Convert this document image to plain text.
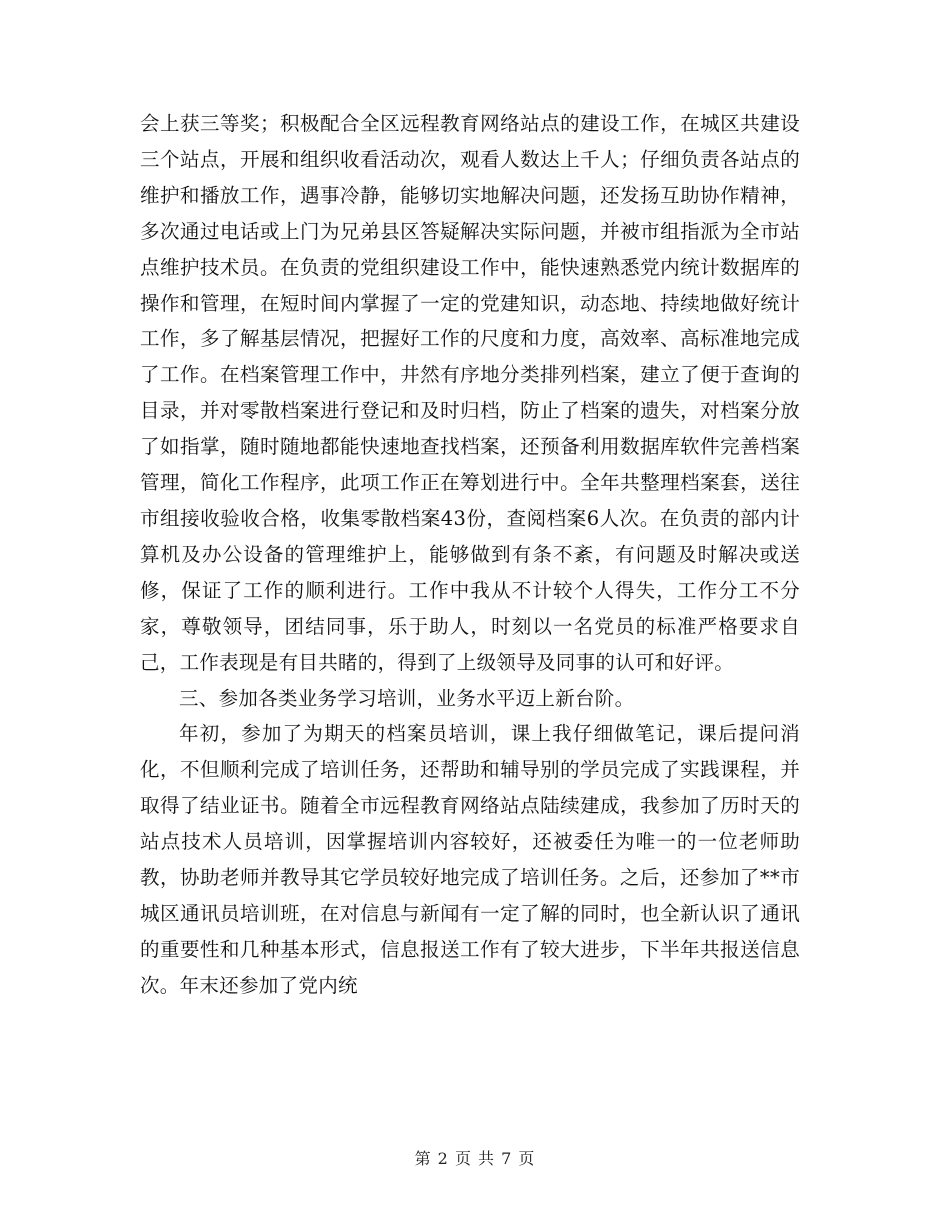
会上获三等奖；积极配合全区远程教育网络站点的建设工作，在城区共建设三个站点，开展和组织收看活动次，观看人数达上千人；仔细负责各站点的维护和播放工作，遇事冷静，能够切实地解决问题，还发扬互助协作精神，多次通过电话或上门为兄弟县区答疑解决实际问题，并被市组指派为全市站点维护技术员。在负责的党组织建设工作中，能快速熟悉党内统计数据库的操作和管理，在短时间内掌握了一定的党建知识，动态地、持续地做好统计工作，多了解基层情况，把握好工作的尺度和力度，高效率、高标准地完成了工作。在档案管理工作中，井然有序地分类排列档案，建立了便于查询的目录，并对零散档案进行登记和及时归档，防止了档案的遗失，对档案分放了如指掌，随时随地都能快速地查找档案，还预备利用数据库软件完善档案管理，简化工作程序，此项工作正在筹划进行中。全年共整理档案套，送往市组接收验收合格，收集零散档案43份，查阅档案6人次。在负责的部内计算机及办公设备的管理维护上，能够做到有条不紊，有问题及时解决或送修，保证了工作的顺利进行。工作中我从不计较个人得失，工作分工不分家，尊敬领导，团结同事，乐于助人，时刻以一名党员的标准严格要求自己，工作表现是有目共睹的，得到了上级领导及同事的认可和好评。

三、参加各类业务学习培训，业务水平迈上新台阶。

年初，参加了为期天的档案员培训，课上我仔细做笔记，课后提问消化，不但顺利完成了培训任务，还帮助和辅导别的学员完成了实践课程，并取得了结业证书。随着全市远程教育网络站点陆续建成，我参加了历时天的站点技术人员培训，因掌握培训内容较好，还被委任为唯一的一位老师助教，协助老师并教导其它学员较好地完成了培训任务。之后，还参加了**市城区通讯员培训班，在对信息与新闻有一定了解的同时，也全新认识了通讯的重要性和几种基本形式，信息报送工作有了较大进步，下半年共报送信息次。年末还参加了党内统

第 2 页 共 7 页
